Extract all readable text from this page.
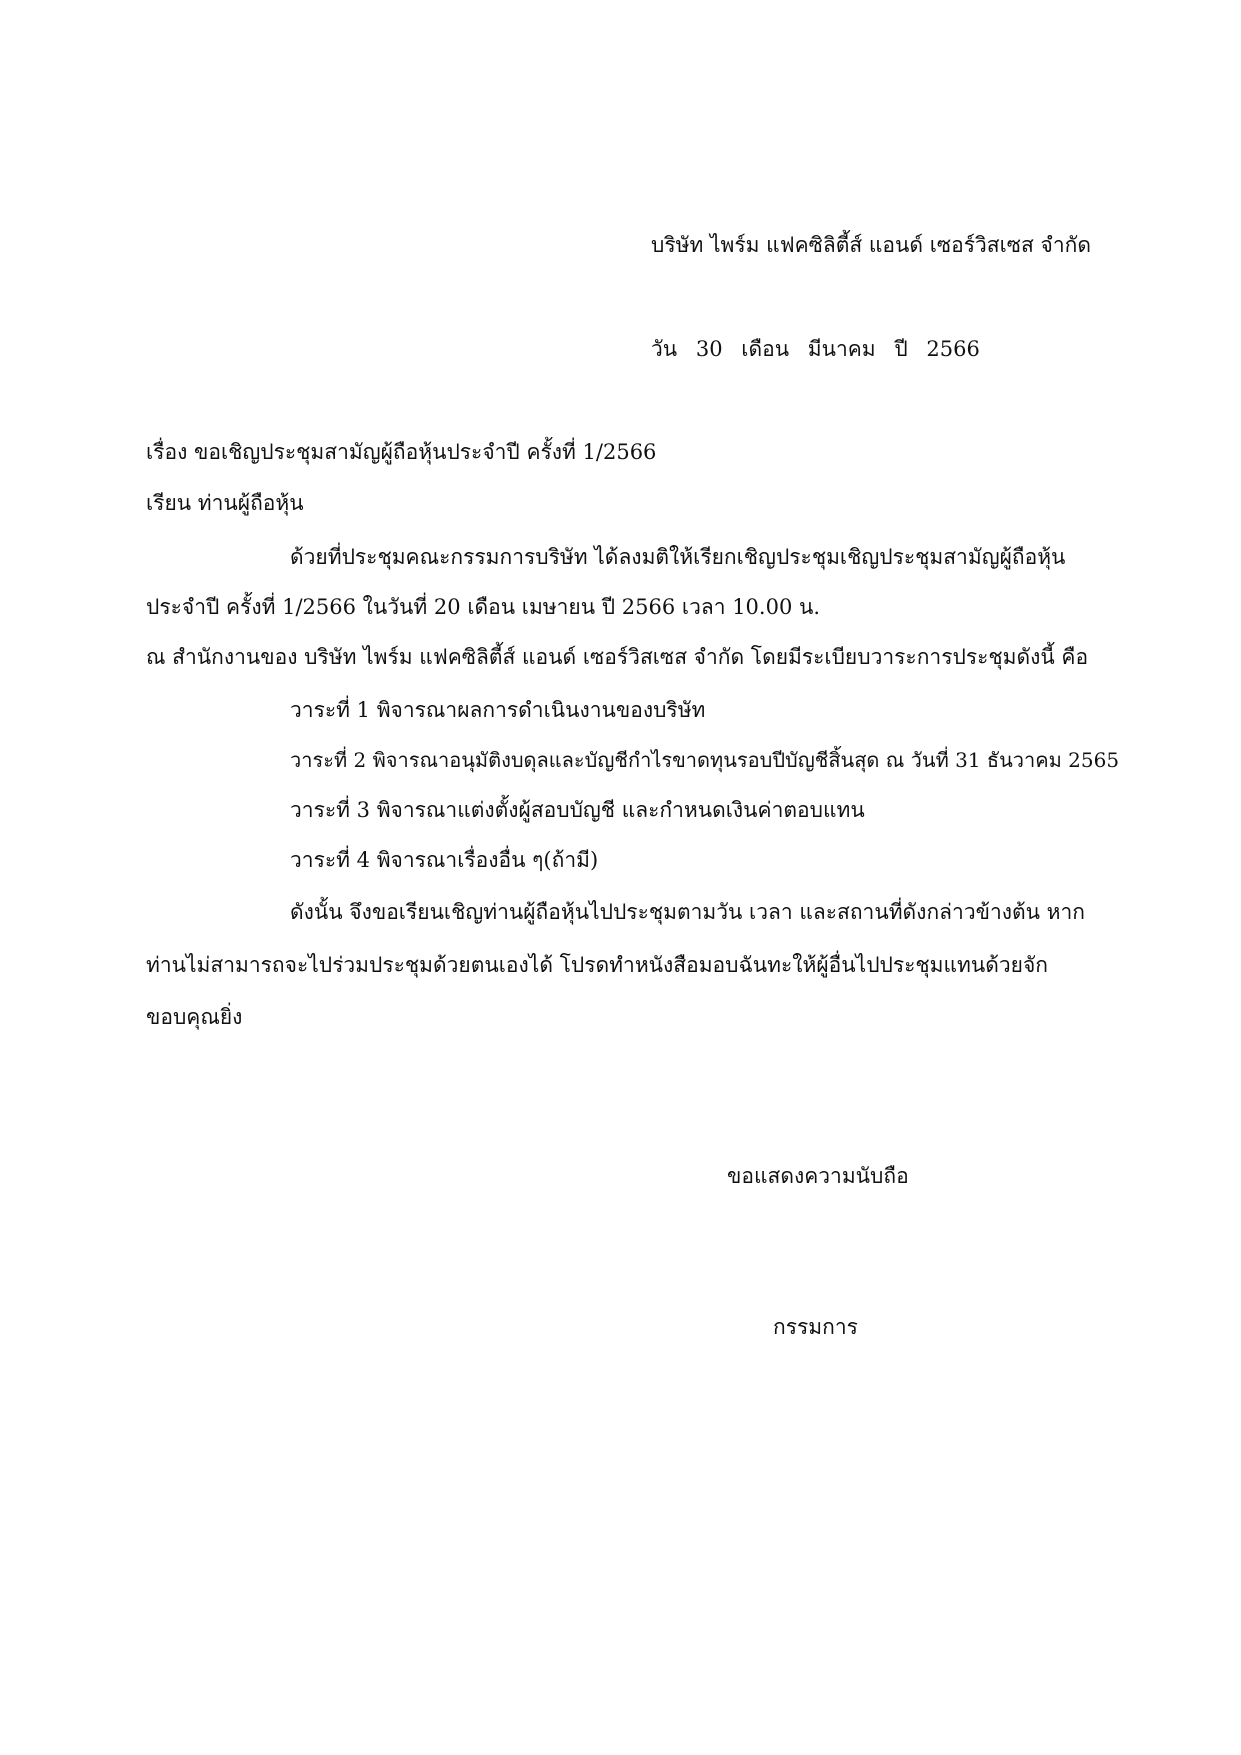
บริษัท ไพร์ม แฟคซิลิตี้ส์ แอนด์ เซอร์วิสเซส จำกัด
วัน 30 เดือน มีนาคม ปี 2566
เรื่อง ขอเชิญประชุมสามัญผู้ถือหุ้นประจำปี ครั้งที่ 1/2566
เรียน ท่านผู้ถือหุ้น
ด้วยที่ประชุมคณะกรรมการบริษัท ได้ลงมติให้เรียกเชิญประชุมเชิญประชุมสามัญผู้ถือหุ้น
ประจำปี ครั้งที่ 1/2566 ในวันที่ 20 เดือน เมษายน ปี 2566 เวลา 10.00 น.
ณ สำนักงานของ บริษัท ไพร์ม แฟคซิลิตี้ส์ แอนด์ เซอร์วิสเซส จำกัด โดยมีระเบียบวาระการประชุมดังนี้ คือ
วาระที่ 1 พิจารณาผลการดำเนินงานของบริษัท
วาระที่ 2 พิจารณาอนุมัติงบดุลและบัญชีกำไรขาดทุนรอบปีบัญชีสิ้นสุด ณ วันที่ 31 ธันวาคม 2565
วาระที่ 3 พิจารณาแต่งตั้งผู้สอบบัญชี และกำหนดเงินค่าตอบแทน
วาระที่ 4 พิจารณาเรื่องอื่น ๆ(ถ้ามี)
ดังนั้น จึงขอเรียนเชิญท่านผู้ถือหุ้นไปประชุมตามวัน เวลา และสถานที่ดังกล่าวข้างต้น หาก
ท่านไม่สามารถจะไปร่วมประชุมด้วยตนเองได้ โปรดทำหนังสือมอบฉันทะให้ผู้อื่นไปประชุมแทนด้วยจัก
ขอบคุณยิ่ง
ขอแสดงความนับถือ
กรรมการ
